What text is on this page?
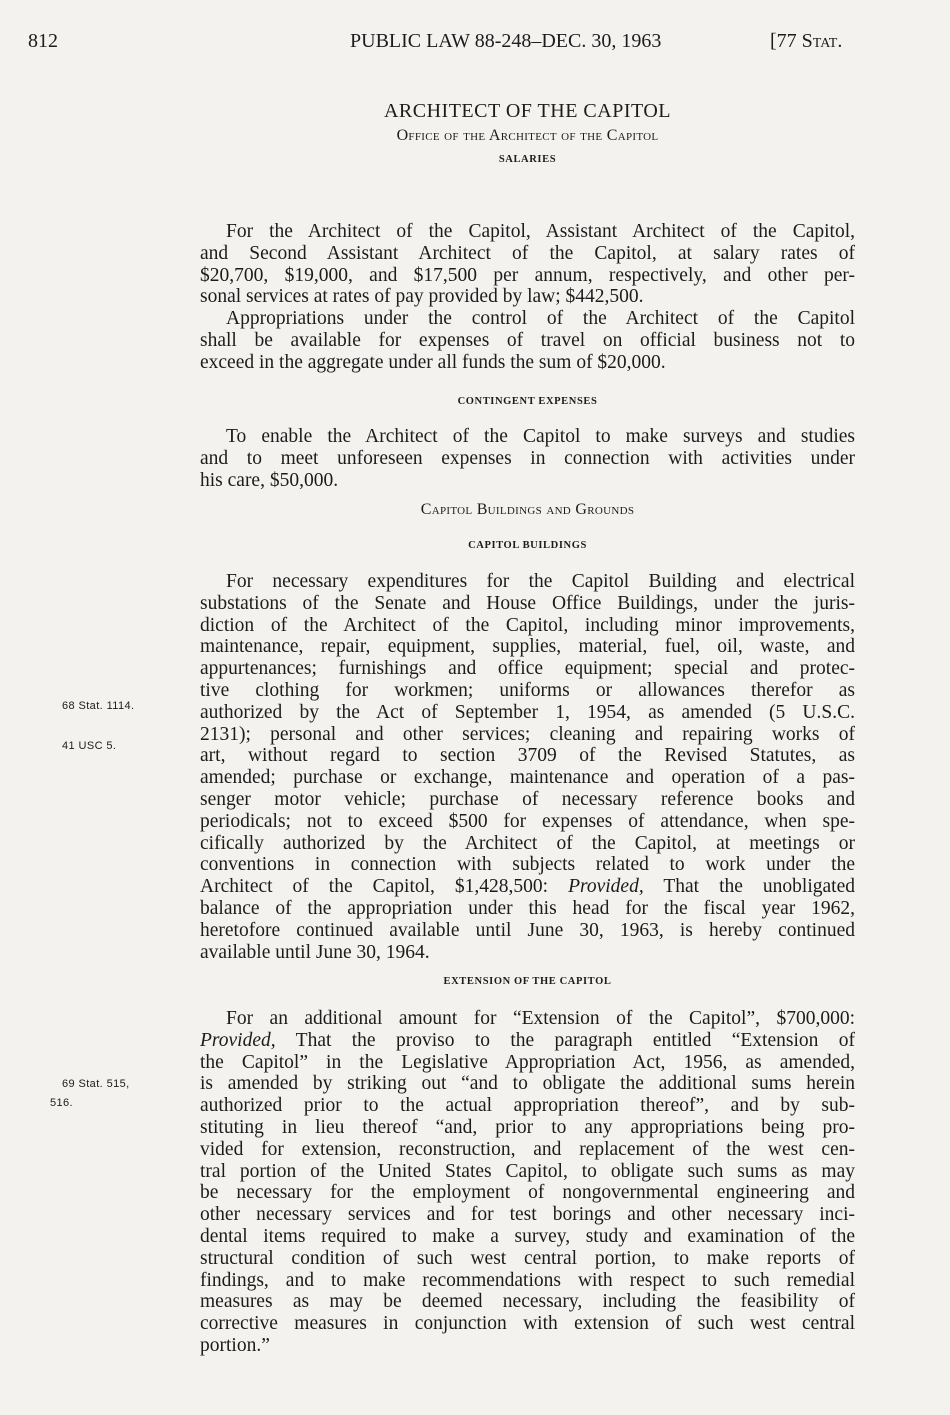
812	PUBLIC LAW 88-248–DEC. 30, 1963	[77 Stat.
ARCHITECT OF THE CAPITOL
Office of the Architect of the Capitol
SALARIES
For the Architect of the Capitol, Assistant Architect of the Capitol,
and Second Assistant Architect of the Capitol, at salary rates of
$20,700, $19,000, and $17,500 per annum, respectively, and other per-
sonal services at rates of pay provided by law; $442,500.
Appropriations under the control of the Architect of the Capitol
shall be available for expenses of travel on official business not to
exceed in the aggregate under all funds the sum of $20,000.
CONTINGENT EXPENSES
To enable the Architect of the Capitol to make surveys and studies
and to meet unforeseen expenses in connection with activities under
his care, $50,000.
Capitol Buildings and Grounds
CAPITOL BUILDINGS
For necessary expenditures for the Capitol Building and electrical
substations of the Senate and House Office Buildings, under the juris-
diction of the Architect of the Capitol, including minor improvements,
maintenance, repair, equipment, supplies, material, fuel, oil, waste, and
appurtenances; furnishings and office equipment; special and protec-
tive clothing for workmen; uniforms or allowances therefor as
authorized by the Act of September 1, 1954, as amended (5 U.S.C.
2131); personal and other services; cleaning and repairing works of
art, without regard to section 3709 of the Revised Statutes, as
amended; purchase or exchange, maintenance and operation of a pas-
senger motor vehicle; purchase of necessary reference books and
periodicals; not to exceed $500 for expenses of attendance, when spe-
cifically authorized by the Architect of the Capitol, at meetings or
conventions in connection with subjects related to work under the
Architect of the Capitol, $1,428,500: Provided, That the unobligated
balance of the appropriation under this head for the fiscal year 1962,
heretofore continued available until June 30, 1963, is hereby continued
available until June 30, 1964.
EXTENSION OF THE CAPITOL
For an additional amount for “Extension of the Capitol”, $700,000:
Provided, That the proviso to the paragraph entitled “Extension of
the Capitol” in the Legislative Appropriation Act, 1956, as amended,
is amended by striking out “and to obligate the additional sums herein
authorized prior to the actual appropriation thereof”, and by sub-
stituting in lieu thereof “and, prior to any appropriations being pro-
vided for extension, reconstruction, and replacement of the west cen-
tral portion of the United States Capitol, to obligate such sums as may
be necessary for the employment of nongovernmental engineering and
other necessary services and for test borings and other necessary inci-
dental items required to make a survey, study and examination of the
structural condition of such west central portion, to make reports of
findings, and to make recommendations with respect to such remedial
measures as may be deemed necessary, including the feasibility of
corrective measures in conjunction with extension of such west central
portion.”
68 Stat. 1114.
41 USC 5.
69 Stat. 515,
516.
